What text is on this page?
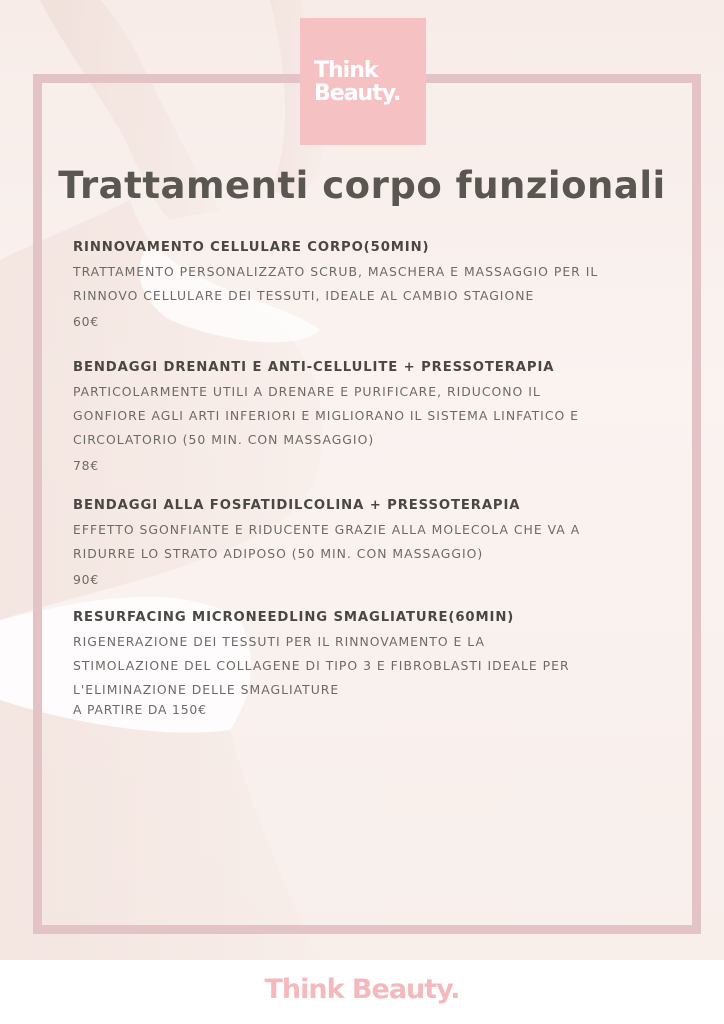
Think
Beauty.
Trattamenti corpo funzionali
RINNOVAMENTO CELLULARE CORPO(50MIN)
TRATTAMENTO PERSONALIZZATO SCRUB, MASCHERA E MASSAGGIO PER IL
RINNOVO CELLULARE DEI TESSUTI, IDEALE AL CAMBIO STAGIONE
60€
BENDAGGI DRENANTI E ANTI-CELLULITE + PRESSOTERAPIA
PARTICOLARMENTE UTILI A DRENARE E PURIFICARE, RIDUCONO IL
GONFIORE AGLI ARTI INFERIORI E MIGLIORANO IL SISTEMA LINFATICO E
CIRCOLATORIO (50 MIN. CON MASSAGGIO)
78€
BENDAGGI ALLA FOSFATIDILCOLINA + PRESSOTERAPIA
EFFETTO SGONFIANTE E RIDUCENTE GRAZIE ALLA MOLECOLA CHE VA A
RIDURRE LO STRATO ADIPOSO (50 MIN. CON MASSAGGIO)
90€
RESURFACING MICRONEEDLING SMAGLIATURE(60MIN)
RIGENERAZIONE DEI TESSUTI PER IL RINNOVAMENTO E LA
STIMOLAZIONE DEL COLLAGENE DI TIPO 3 E FIBROBLASTI IDEALE PER
L'ELIMINAZIONE DELLE SMAGLIATURE
A PARTIRE DA 150€
Think Beauty.
